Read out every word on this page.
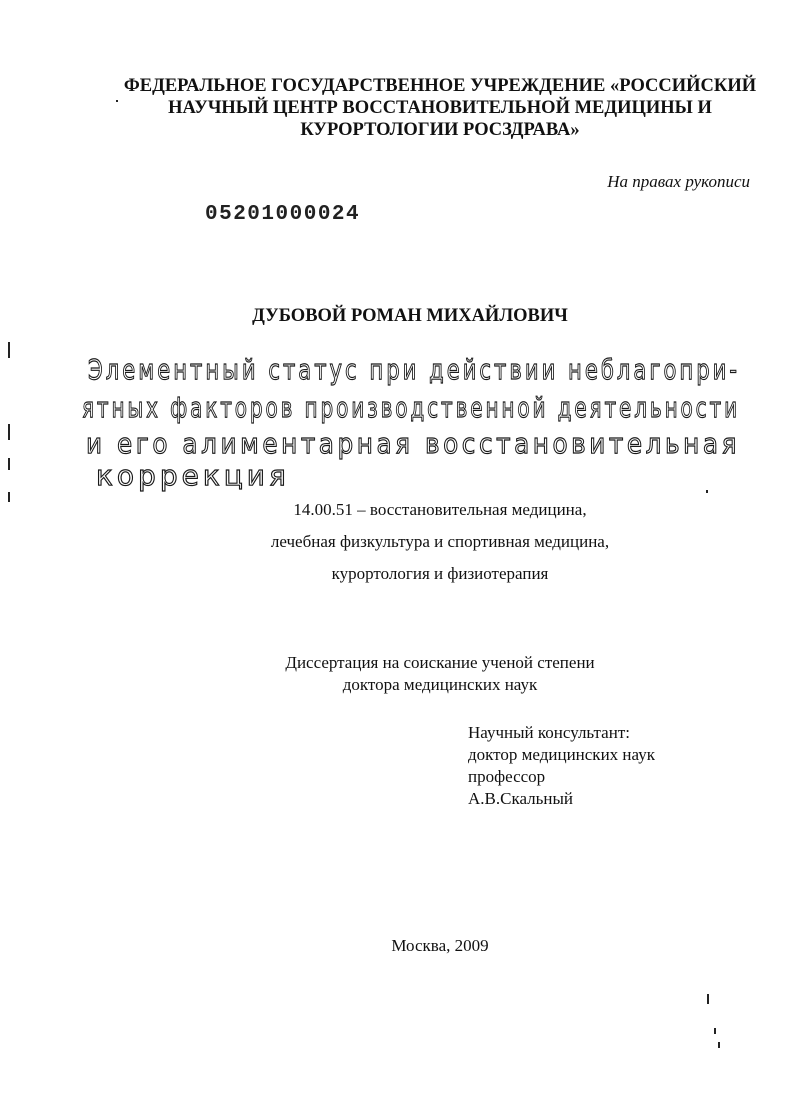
ФЕДЕРАЛЬНОЕ ГОСУДАРСТВЕННОЕ УЧРЕЖДЕНИЕ «РОССИЙСКИЙ
НАУЧНЫЙ ЦЕНТР ВОССТАНОВИТЕЛЬНОЙ МЕДИЦИНЫ И
КУРОРТОЛОГИИ РОСЗДРАВА»
На правах рукописи
05201000024
ДУБОВОЙ РОМАН МИХАЙЛОВИЧ
Элементный статус при действии неблагопри-
ятных факторов производственной деятельности
и его алиментарная восстановительная
коррекция
14.00.51 – восстановительная медицина,
лечебная физкультура и спортивная медицина,
курортология и физиотерапия
Диссертация на соискание ученой степени
доктора медицинских наук
Научный консультант:
доктор медицинских наук
профессор
А.В.Скальный
Москва, 2009
